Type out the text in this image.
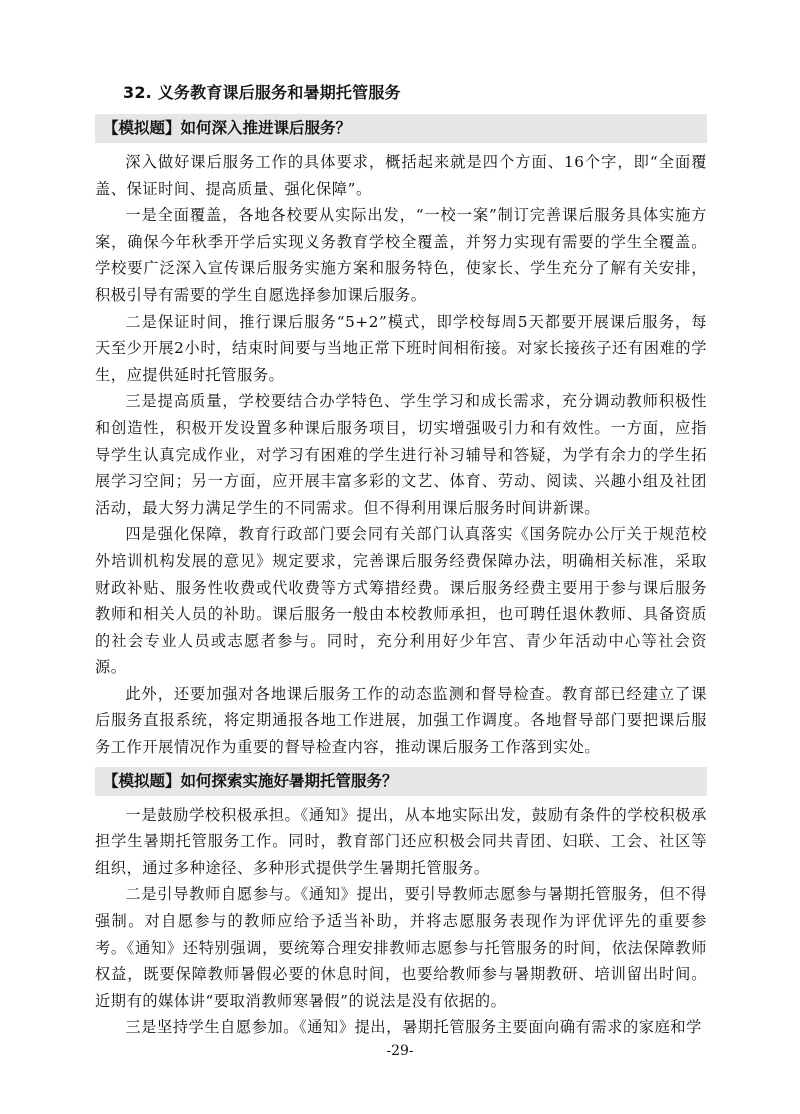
32. 义务教育课后服务和暑期托管服务
【模拟题】如何深入推进课后服务？

深入做好课后服务工作的具体要求，概括起来就是四个方面、16个字，即“全面覆盖、保证时间、提高质量、强化保障”。

一是全面覆盖，各地各校要从实际出发，“一校一案”制订完善课后服务具体实施方案，确保今年秋季开学后实现义务教育学校全覆盖，并努力实现有需要的学生全覆盖。学校要广泛深入宣传课后服务实施方案和服务特色，使家长、学生充分了解有关安排，积极引导有需要的学生自愿选择参加课后服务。

二是保证时间，推行课后服务“5+2”模式，即学校每周5天都要开展课后服务，每天至少开展2小时，结束时间要与当地正常下班时间相衔接。对家长接孩子还有困难的学生，应提供延时托管服务。

三是提高质量，学校要结合办学特色、学生学习和成长需求，充分调动教师积极性和创造性，积极开发设置多种课后服务项目，切实增强吸引力和有效性。一方面，应指导学生认真完成作业，对学习有困难的学生进行补习辅导和答疑，为学有余力的学生拓展学习空间；另一方面，应开展丰富多彩的文艺、体育、劳动、阅读、兴趣小组及社团活动，最大努力满足学生的不同需求。但不得利用课后服务时间讲新课。

四是强化保障，教育行政部门要会同有关部门认真落实《国务院办公厅关于规范校外培训机构发展的意见》规定要求，完善课后服务经费保障办法，明确相关标准，采取财政补贴、服务性收费或代收费等方式筹措经费。课后服务经费主要用于参与课后服务教师和相关人员的补助。课后服务一般由本校教师承担，也可聘任退休教师、具备资质的社会专业人员或志愿者参与。同时，充分利用好少年宫、青少年活动中心等社会资源。

此外，还要加强对各地课后服务工作的动态监测和督导检查。教育部已经建立了课后服务直报系统，将定期通报各地工作进展，加强工作调度。各地督导部门要把课后服务工作开展情况作为重要的督导检查内容，推动课后服务工作落到实处。

【模拟题】如何探索实施好暑期托管服务？

一是鼓励学校积极承担。《通知》提出，从本地实际出发，鼓励有条件的学校积极承担学生暑期托管服务工作。同时，教育部门还应积极会同共青团、妇联、工会、社区等组织，通过多种途径、多种形式提供学生暑期托管服务。

二是引导教师自愿参与。《通知》提出，要引导教师志愿参与暑期托管服务，但不得强制。对自愿参与的教师应给予适当补助，并将志愿服务表现作为评优评先的重要参考。《通知》还特别强调，要统筹合理安排教师志愿参与托管服务的时间，依法保障教师权益，既要保障教师暑假必要的休息时间，也要给教师参与暑期教研、培训留出时间。近期有的媒体讲“要取消教师寒暑假”的说法是没有依据的。

三是坚持学生自愿参加。《通知》提出，暑期托管服务主要面向确有需求的家庭和学

-29-
